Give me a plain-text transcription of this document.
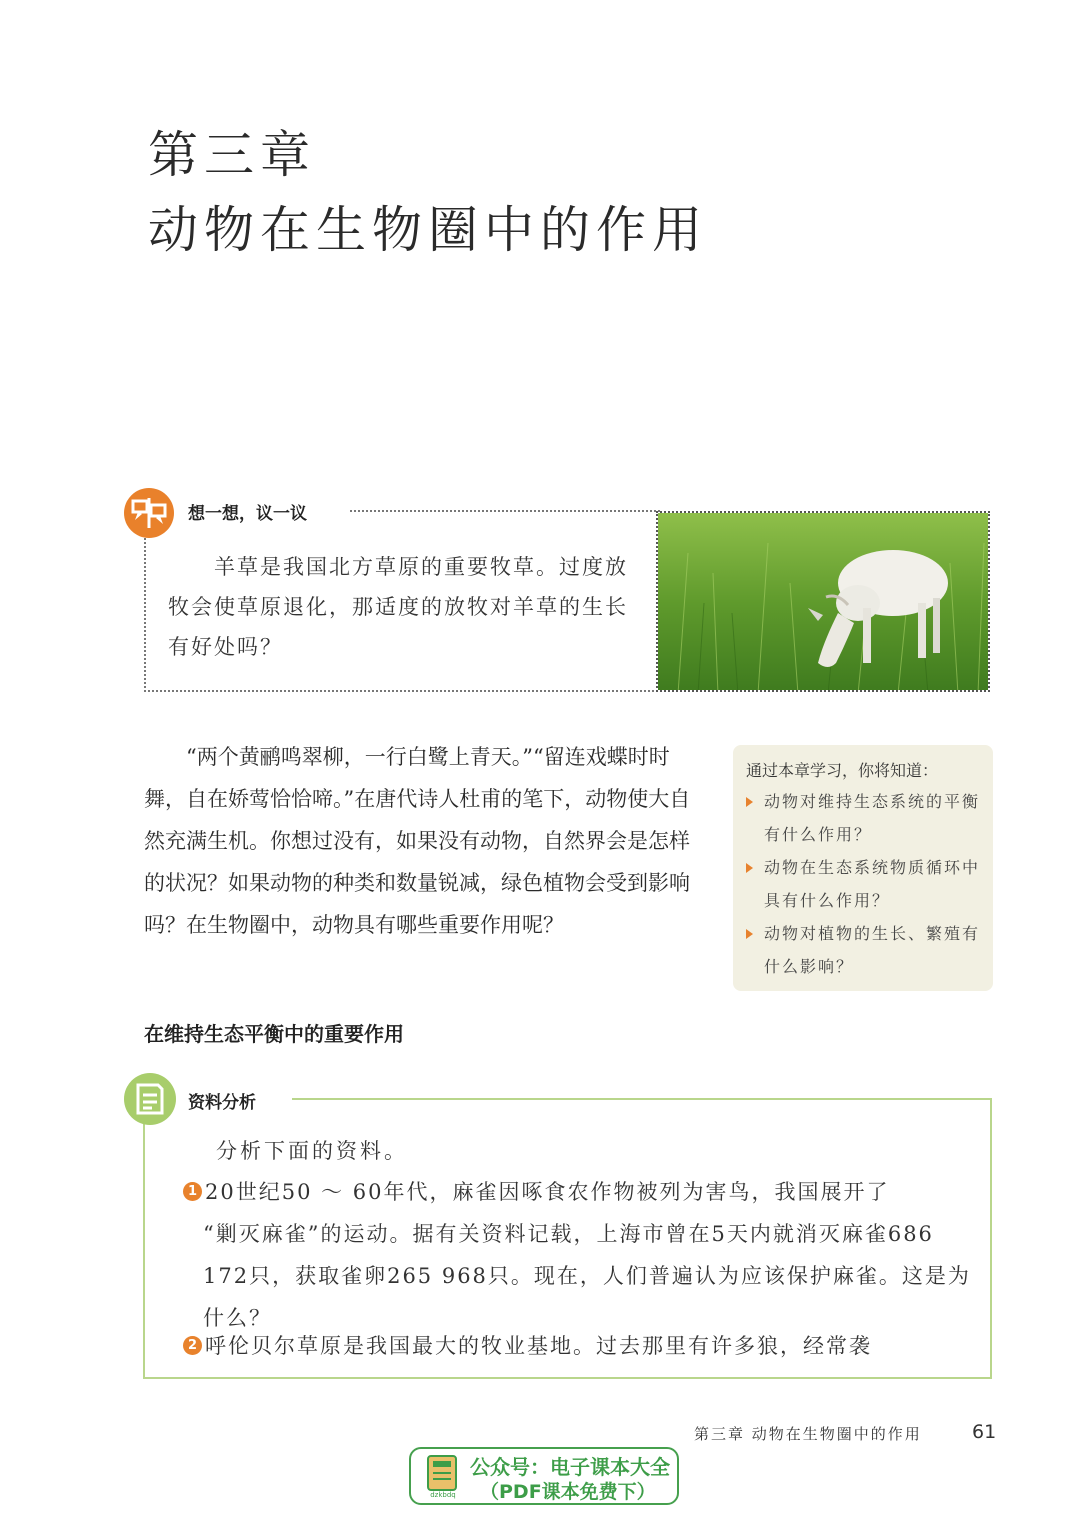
第三章
动物在生物圈中的作用
想一想，议一议
羊草是我国北方草原的重要牧草。过度放牧会使草原退化，那适度的放牧对羊草的生长有好处吗？
“两个黄鹂鸣翠柳，一行白鹭上青天。”“留连戏蝶时时舞，自在娇莺恰恰啼。”在唐代诗人杜甫的笔下，动物使大自然充满生机。你想过没有，如果没有动物，自然界会是怎样的状况？如果动物的种类和数量锐减，绿色植物会受到影响吗？在生物圈中，动物具有哪些重要作用呢？
通过本章学习，你将知道：
动物对维持生态系统的平衡有什么作用？
动物在生态系统物质循环中具有什么作用？
动物对植物的生长、繁殖有什么影响？
在维持生态平衡中的重要作用
资料分析
分析下面的资料。
1 20世纪50 ～ 60年代，麻雀因啄食农作物被列为害鸟，我国展开了
“剿灭麻雀”的运动。据有关资料记载，上海市曾在5天内就消灭麻雀686 172只，获取雀卵265 968只。现在，人们普遍认为应该保护麻雀。这是为什么？
2 呼伦贝尔草原是我国最大的牧业基地。过去那里有许多狼，经常袭
第三章 动物在生物圈中的作用	61
dzkbdq
公众号：电子课本大全
（PDF课本免费下）
